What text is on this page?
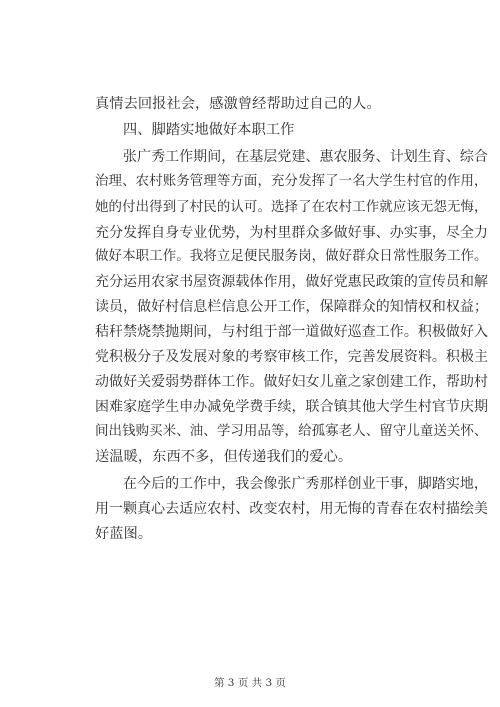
真情去回报社会，感激曾经帮助过自己的人。
四、脚踏实地做好本职工作
张广秀工作期间，在基层党建、惠农服务、计划生育、综合
治理、农村账务管理等方面，充分发挥了一名大学生村官的作用，
她的付出得到了村民的认可。选择了在农村工作就应该无怨无悔，
充分发挥自身专业优势，为村里群众多做好事、办实事，尽全力
做好本职工作。我将立足便民服务岗，做好群众日常性服务工作。
充分运用农家书屋资源载体作用，做好党惠民政策的宣传员和解
读员，做好村信息栏信息公开工作，保障群众的知情权和权益；
秸秆禁烧禁抛期间，与村组于部一道做好巡查工作。积极做好入
党积极分子及发展对象的考察审核工作，完善发展资料。积极主
动做好关爱弱势群体工作。做好妇女儿童之家创建工作，帮助村
困难家庭学生申办减免学费手续，联合镇其他大学生村官节庆期
间出钱购买米、油、学习用品等，给孤寡老人、留守儿童送关怀、
送温暖，东西不多，但传递我们的爱心。
在今后的工作中，我会像张广秀那样创业干事，脚踏实地，
用一颗真心去适应农村、改变农村，用无悔的青春在农村描绘美
好蓝图。
第 3 页 共 3 页
